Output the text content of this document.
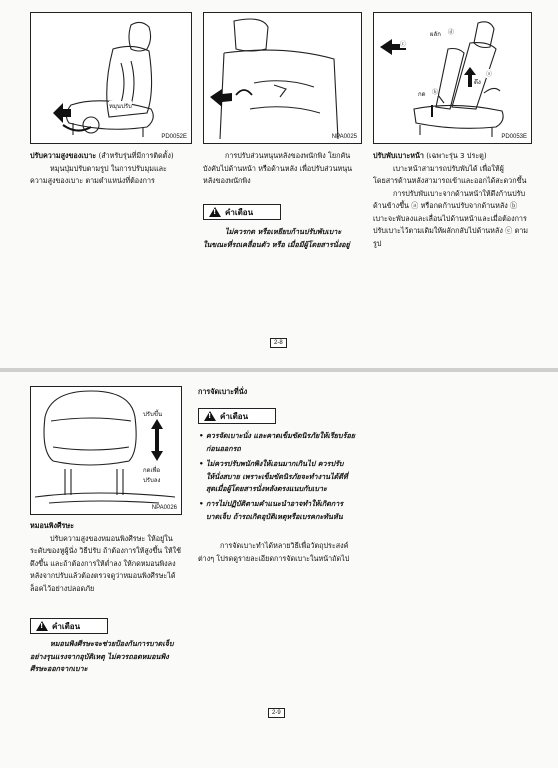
หมุนปรับ
PD0052E	NPA0025
ผลัก ⓓ
ⓒ
ดึง
ⓐ
กด ⓑ
PD0053E
ปรับความสูงของเบาะ (สำหรับรุ่นที่มีการติดตั้ง)
หมุนปุ่มปรับตามรูป ในการปรับมุมและ
ความสูงของเบาะ ตามตำแหน่งที่ต้องการ
การปรับส่วนหนุนหลังของพนักพิง โยกคัน
บังคับไปด้านหน้า หรือด้านหลัง เพื่อปรับส่วนหนุน
หลังของพนักพิง
! คำเตือน
ไม่ควรกด หรือเหยียบก้านปรับพับเบาะ
ในขณะที่รถเคลื่อนตัว หรือ เมื่อมีผู้โดยสารนั่งอยู่
ปรับพับเบาะหน้า (เฉพาะรุ่น 3 ประตู)
เบาะหน้าสามารถปรับพับได้ เพื่อให้ผู้
โดยสารด้านหลังสามารถเข้าและออกได้สะดวกขึ้น
การปรับพับเบาะจากด้านหน้าให้ดึงก้านปรับ
ด้านข้างขึ้น ⓐ หรือกดก้านปรับจากด้านหลัง ⓑ
เบาะจะพับลงและเลื่อนไปด้านหน้าและเมื่อต้องการ
ปรับเบาะไว้ตามเดิมให้ผลักกลับไปด้านหลัง ⓒ ตาม
รูป
2-8
ปรับขึ้น
กดเพื่อ
ปรับลง
NPA0026
หมอนพิงศีรษะ
ปรับความสูงของหมอนพิงศีรษะ ให้อยู่ใน
ระดับของหูผู้นั่ง วิธีปรับ ถ้าต้องการให้สูงขึ้น ให้ใช้
ดึงขึ้น และถ้าต้องการให้ต่ำลง ให้กดหมอนพิงลง
หลังจากปรับแล้วต้องตรวจดูว่าหมอนพิงศีรษะได้
ล็อคไว้อย่างปลอดภัย
! คำเตือน
หมอนพิงศีรษะจะช่วยป้องกันการบาดเจ็บ
อย่างรุนแรงจากอุบัติเหตุ ไม่ควรถอดหมอนพิง
ศีรษะออกจากเบาะ
การจัดเบาะที่นั่ง
! คำเตือน
• ควรจัดเบาะนั่ง และคาดเข็มขัดนิรภัยให้เรียบร้อย
ก่อนออกรถ
• ไม่ควรปรับพนักพิงให้เอนมากเกินไป ควรปรับ
ให้นั่งสบาย เพราะเข็มขัดนิรภัยจะทำงานได้ดีที่
สุดเมื่อผู้โดยสารนั่งหลังตรงแนบกับเบาะ
• การไม่ปฏิบัติตามคำแนะนำอาจทำให้เกิดการ
บาดเจ็บ ถ้ารถเกิดอุบัติเหตุหรือเบรคกะทันหัน
การจัดเบาะทำได้หลายวิธีเพื่อวัตถุประสงค์
ต่างๆ โปรดดูรายละเอียดการจัดเบาะในหน้าถัดไป
2-9
